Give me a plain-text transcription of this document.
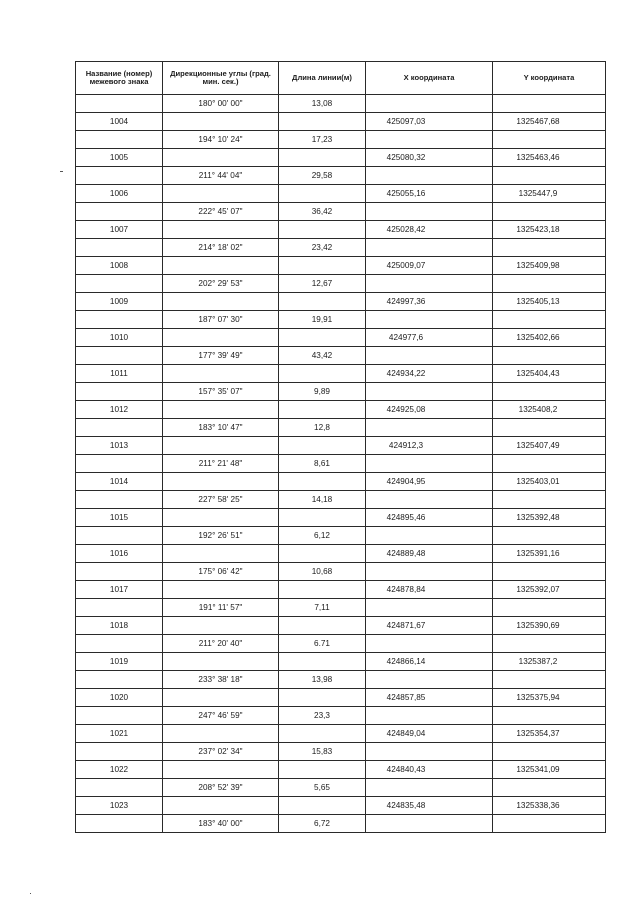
Название (номер) межевого знака	Дирекционные углы (град. мин. сек.)	Длина линии(м)	X координата	Y координата
	180° 00' 00"	13,08		
1004			425097,03	1325467,68
	194° 10' 24"	17,23		
1005			425080,32	1325463,46
	211° 44' 04"	29,58		
1006			425055,16	1325447,9
	222° 45' 07"	36,42		
1007			425028,42	1325423,18
	214° 18' 02"	23,42		
1008			425009,07	1325409,98
	202° 29' 53"	12,67		
1009			424997,36	1325405,13
	187° 07' 30"	19,91		
1010			424977,6	1325402,66
	177° 39' 49"	43,42		
1011			424934,22	1325404,43
	157° 35' 07"	9,89		
1012			424925,08	1325408,2
	183° 10' 47"	12,8		
1013			424912,3	1325407,49
	211° 21' 48"	8,61		
1014			424904,95	1325403,01
	227° 58' 25"	14,18		
1015			424895,46	1325392,48
	192° 26' 51"	6,12		
1016			424889,48	1325391,16
	175° 06' 42"	10,68		
1017			424878,84	1325392,07
	191° 11' 57"	7,11		
1018			424871,67	1325390,69
	211° 20' 40"	6.71		
1019			424866,14	1325387,2
	233° 38' 18"	13,98		
1020			424857,85	1325375,94
	247° 46' 59"	23,3		
1021			424849,04	1325354,37
	237° 02' 34"	15,83		
1022			424840,43	1325341,09
	208° 52' 39"	5,65		
1023			424835,48	1325338,36
	183° 40' 00"	6,72		
